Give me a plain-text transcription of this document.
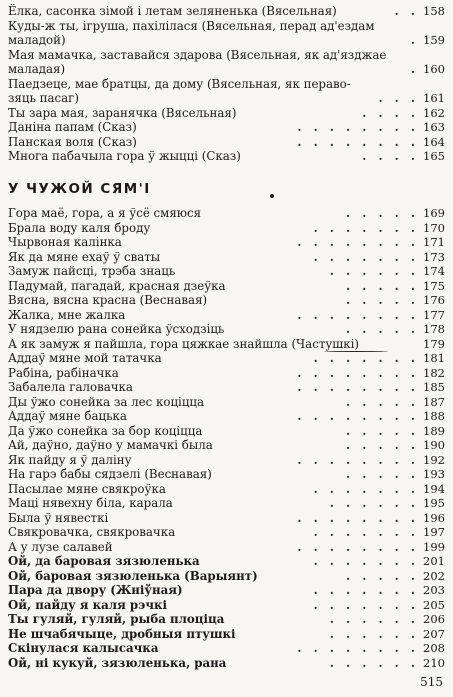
Ёлка, сасонка зімой і летам зеляненька (Вясельная)	. . 158
Куды-ж ты, ігруша, пахілілася (Вясельная, перад ад'ездам маладой)	. 159
Мая мамачка, заставайся здарова (Вясельная, як ад'язджае маладая)	. 160
Паедзеце, мае братцы, да дому (Вясельная, як пераво- зяць пасаг)	. . . 161
Ты зара мая, заранячка (Вясельная)	. . . . 162
Даніна папам (Сказ)	. . . . . . . . 163
Панская воля (Сказ)	. . . . . . . . 164
Многа пабачыла гора ў жыцці (Сказ)	. . . . 165
У ЧУЖОЙ СЯМ'І
Гора маё, гора, а я ўсё смяюся	. . . . . 169
Брала воду каля броду	. . . . . . . 170
Чырвоная калінка	. . . . . . . . 171
Як да мяне ехаў ў сваты	. . . . . . . 173
Замуж пайсці, трэба знаць	. . . . . . 174
Падумай, пагадай, красная дзеўка	. . . . . 175
Вясна, вясна красна (Веснавая)	. . . . . 176
Жалка, мне жалка	. . . . . . . . 177
У нядзелю рана сонейка ўсходзіць	. . . . . 178
А як замуж я пайшла, гора цяжкае знайшла (Частушкі)	179
Аддаў мяне мой татачка	. . . . . . . 181
Рабіна, рабіначка	. . . . . . . . 182
Забалела галовачка	. . . . . . . . 185
Ды ўжо сонейка за лес коціцца	. . . . . 187
Аддаў мяне бацька	. . . . . . . . 188
Да ўжо сонейка за бор коціцца	. . . . . 189
Ай, даўно, даўно у мамачкі была	. . . . . 190
Як пайду я ў даліну	. . . . . . . . 192
На гарэ бабы сядзелі (Веснавая)	. . . . . 193
Пасылае мяне свякроўка	. . . . . . . 194
Маці нявехну біла, карала	. . . . . . 195
Была ў нявесткі	. . . . . . . . 196
Свякровачка, свякровачка	. . . . . . . 197
А у лузе салавей	. . . . . . . . 199
Ой, да баровая зязюленька	. . . . . . . 201
Ой, баровая зязюленька (Варыянт)	. . . . . 202
Пара да двору (Жніўная)	. . . . . . . 203
Ой, пайду я каля рэчкі	. . . . . . . 205
Ты гуляй, гуляй, рыба плоціца	. . . . . . 206
Не шчабячыце, дробныя птушкі	. . . . . . 207
Скінулася калысачка	. . . . . . . . 208
Ой, ні кукуй, зязюленька, рана	. . . . . . 210
515
